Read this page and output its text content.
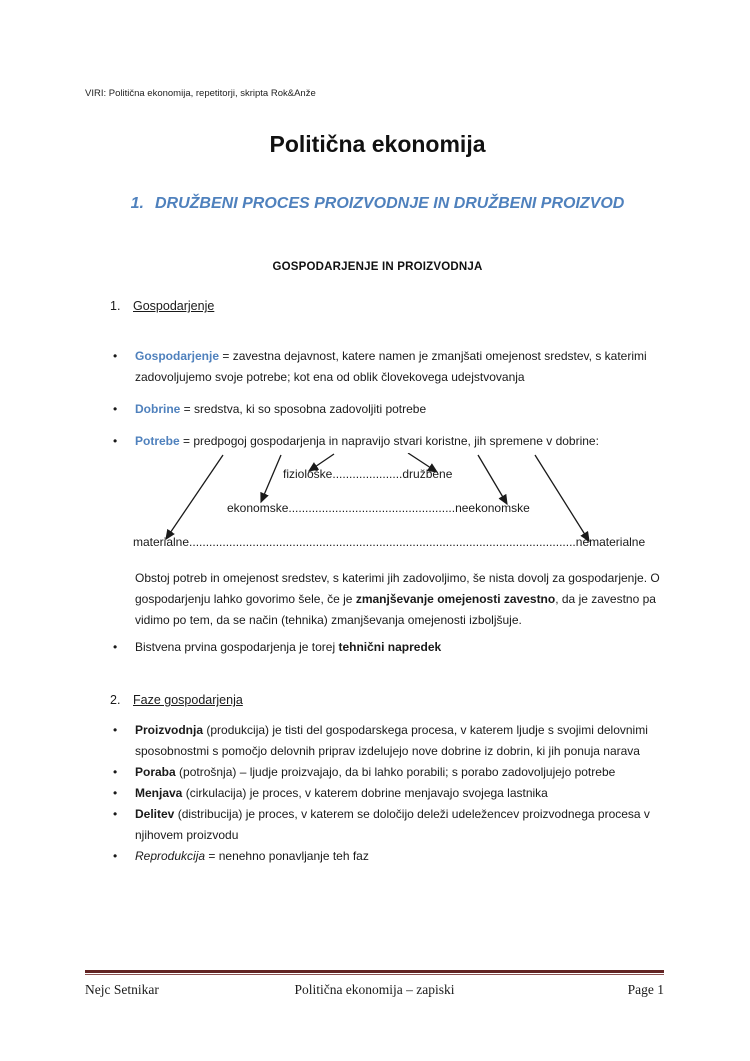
VIRI: Politična ekonomija, repetitorji, skripta Rok&Anže
Politična ekonomija
1. DRUŽBENI PROCES PROIZVODNJE IN DRUŽBENI PROIZVOD
GOSPODARJENJE IN PROIZVODNJA
1. Gospodarjenje
• Gospodarjenje = zavestna dejavnost, katere namen je zmanjšati omejenost sredstev, s katerimi zadovoljujemo svoje potrebe; kot ena od oblik človekovega udejstvovanja
• Dobrine = sredstva, ki so sposobna zadovoljiti potrebe
• Potrebe = predpogoj gospodarjenja in napravijo stvari koristne, jih spremene v dobrine:
fiziološke.....................družbene
ekonomske..................................................neekonomske
materialne....................................................................................................................nematerialne

Obstoj potreb in omejenost sredstev, s katerimi jih zadovoljimo, še nista dovolj za gospodarjenje. O gospodarjenju lahko govorimo šele, če je zmanjševanje omejenosti zavestno, da je zavestno pa vidimo po tem, da se način (tehnika) zmanjševanja omejenosti izboljšuje.

• Bistvena prvina gospodarjenja je torej tehnični napredek
2. Faze gospodarjenja
• Proizvodnja (produkcija) je tisti del gospodarskega procesa, v katerem ljudje s svojimi delovnimi sposobnostmi s pomočjo delovnih priprav izdelujejo nove dobrine iz dobrin, ki jih ponuja narava
• Poraba (potrošnja) – ljudje proizvajajo, da bi lahko porabili; s porabo zadovoljujejo potrebe
• Menjava (cirkulacija) je proces, v katerem dobrine menjavajo svojega lastnika
• Delitev (distribucija) je proces, v katerem se določijo deleži udeležencev proizvodnega procesa v njihovem proizvodu
• Reprodukcija = nenehno ponavljanje teh faz
Nejc Setnikar	Politična ekonomija – zapiski	Page 1
